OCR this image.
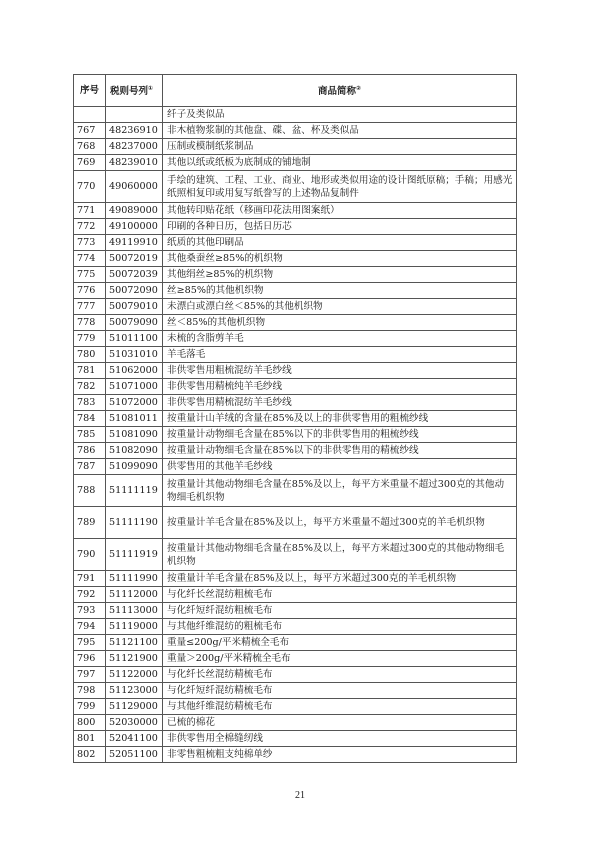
序号	税则号列①	商品简称②
		纤子及类似品
767	48236910	非木植物浆制的其他盘、碟、盆、杯及类似品
768	48237000	压制或模制纸浆制品
769	48239010	其他以纸或纸板为底制成的铺地制
770	49060000	手绘的建筑、工程、工业、商业、地形或类似用途的设计图纸原稿；手稿；用感光纸照相复印或用复写纸誊写的上述物品复制件
771	49089000	其他转印贴花纸（移画印花法用图案纸）
772	49100000	印刷的各种日历，包括日历芯
773	49119910	纸质的其他印刷品
774	50072019	其他桑蚕丝≥85%的机织物
775	50072039	其他绢丝≥85%的机织物
776	50072090	丝≥85%的其他机织物
777	50079010	未漂白或漂白丝＜85%的其他机织物
778	50079090	丝＜85%的其他机织物
779	51011100	未梳的含脂剪羊毛
780	51031010	羊毛落毛
781	51062000	非供零售用粗梳混纺羊毛纱线
782	51071000	非供零售用精梳纯羊毛纱线
783	51072000	非供零售用精梳混纺羊毛纱线
784	51081011	按重量计山羊绒的含量在85%及以上的非供零售用的粗梳纱线
785	51081090	按重量计动物细毛含量在85%以下的非供零售用的粗梳纱线
786	51082090	按重量计动物细毛含量在85%以下的非供零售用的精梳纱线
787	51099090	供零售用的其他羊毛纱线
788	51111119	按重量计其他动物细毛含量在85%及以上，每平方米重量不超过300克的其他动物细毛机织物
789	51111190	按重量计羊毛含量在85%及以上，每平方米重量不超过300克的羊毛机织物
790	51111919	按重量计其他动物细毛含量在85%及以上，每平方米超过300克的其他动物细毛机织物
791	51111990	按重量计羊毛含量在85%及以上，每平方米超过300克的羊毛机织物
792	51112000	与化纤长丝混纺粗梳毛布
793	51113000	与化纤短纤混纺粗梳毛布
794	51119000	与其他纤维混纺的粗梳毛布
795	51121100	重量≤200g/平米精梳全毛布
796	51121900	重量＞200g/平米精梳全毛布
797	51122000	与化纤长丝混纺精梳毛布
798	51123000	与化纤短纤混纺精梳毛布
799	51129000	与其他纤维混纺精梳毛布
800	52030000	已梳的棉花
801	52041100	非供零售用全棉缝纫线
802	52051100	非零售粗梳粗支纯棉单纱
21
